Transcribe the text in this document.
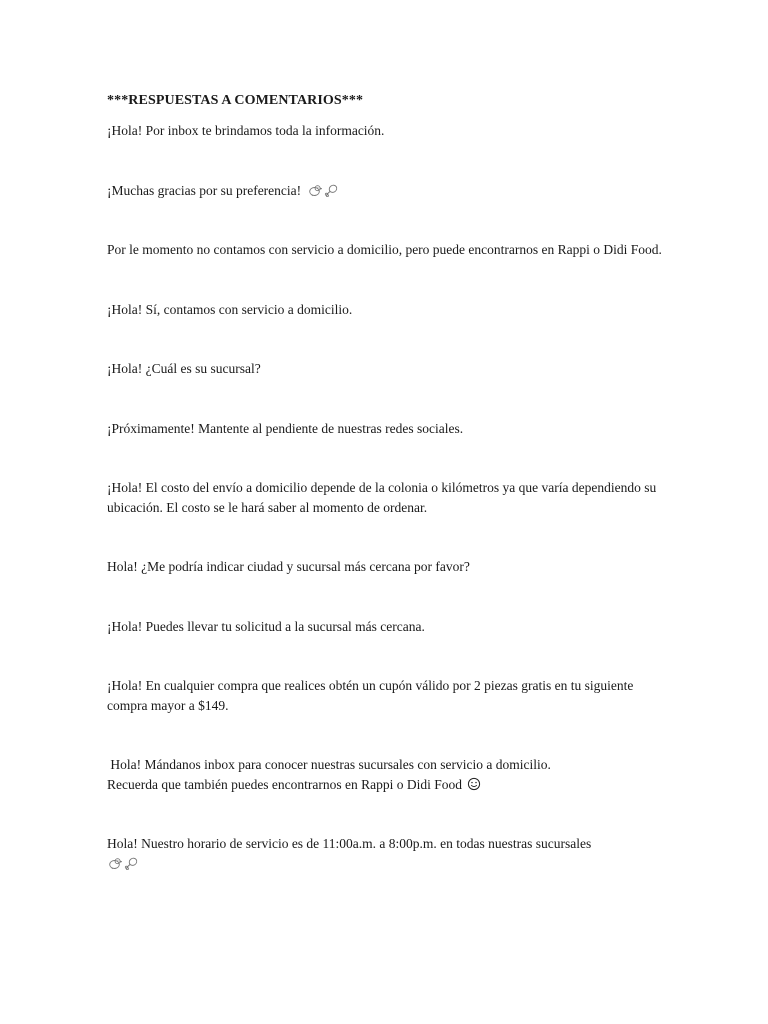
***RESPUESTAS A COMENTARIOS***

¡Hola! Por inbox te brindamos toda la información.

¡Muchas gracias por su preferencia!

Por le momento no contamos con servicio a domicilio, pero puede encontrarnos en Rappi o Didi Food.

¡Hola! Sí, contamos con servicio a domicilio.

¡Hola! ¿Cuál es su sucursal?

¡Próximamente! Mantente al pendiente de nuestras redes sociales.

¡Hola! El costo del envío a domicilio depende de la colonia o kilómetros ya que varía dependiendo su ubicación. El costo se le hará saber al momento de ordenar.

Hola! ¿Me podría indicar ciudad y sucursal más cercana por favor?

¡Hola! Puedes llevar tu solicitud a la sucursal más cercana.

¡Hola! En cualquier compra que realices obtén un cupón válido por 2 piezas gratis en tu siguiente compra mayor a $149.

Hola! Mándanos inbox para conocer nuestras sucursales con servicio a domicilio.
Recuerda que también puedes encontrarnos en Rappi o Didi Food

Hola! Nuestro horario de servicio es de 11:00a.m. a 8:00p.m. en todas nuestras sucursales
